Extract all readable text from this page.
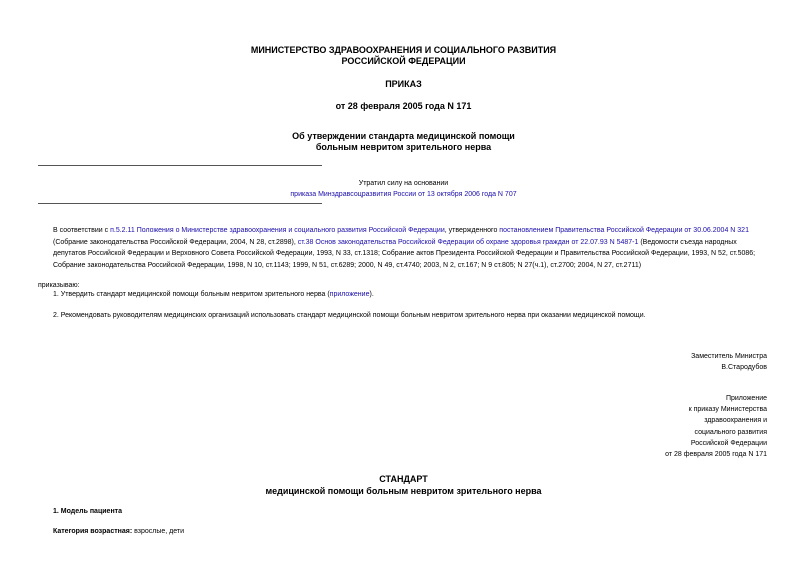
МИНИСТЕРСТВО ЗДРАВООХРАНЕНИЯ И СОЦИАЛЬНОГО РАЗВИТИЯ
РОССИЙСКОЙ ФЕДЕРАЦИИ
ПРИКАЗ
от 28 февраля 2005 года N 171
Об утверждении стандарта медицинской помощи
больным невритом зрительного нерва
Утратил силу на основании
приказа Минздравсоцразвития России от 13 октября 2006 года N 707
В соответствии с п.5.2.11 Положения о Министерстве здравоохранения и социального развития Российской Федерации, утвержденного постановлением Правительства Российской Федерации от 30.06.2004 N 321 (Собрание законодательства Российской Федерации, 2004, N 28, ст.2898), ст.38 Основ законодательства Российской Федерации об охране здоровья граждан от 22.07.93 N 5487-1 (Ведомости съезда народных депутатов Российской Федерации и Верховного Совета Российской Федерации, 1993, N 33, ст.1318; Собрание актов Президента Российской Федерации и Правительства Российской Федерации, 1993, N 52, ст.5086; Собрание законодательства Российской Федерации, 1998, N 10, ст.1143; 1999, N 51, ст.6289; 2000, N 49, ст.4740; 2003, N 2, ст.167; N 9 ст.805; N 27(ч.1), ст.2700; 2004, N 27, ст.2711)
приказываю:
1. Утвердить стандарт медицинской помощи больным невритом зрительного нерва (приложение).
2. Рекомендовать руководителям медицинских организаций использовать стандарт медицинской помощи больным невритом зрительного нерва при оказании медицинской помощи.
Заместитель Министра
В.Стародубов
Приложение
к приказу Министерства
здравоохранения и
социального развития
Российской Федерации
от 28 февраля 2005 года N 171
СТАНДАРТ
медицинской помощи больным невритом зрительного нерва
1. Модель пациента
Категория возрастная: взрослые, дети
